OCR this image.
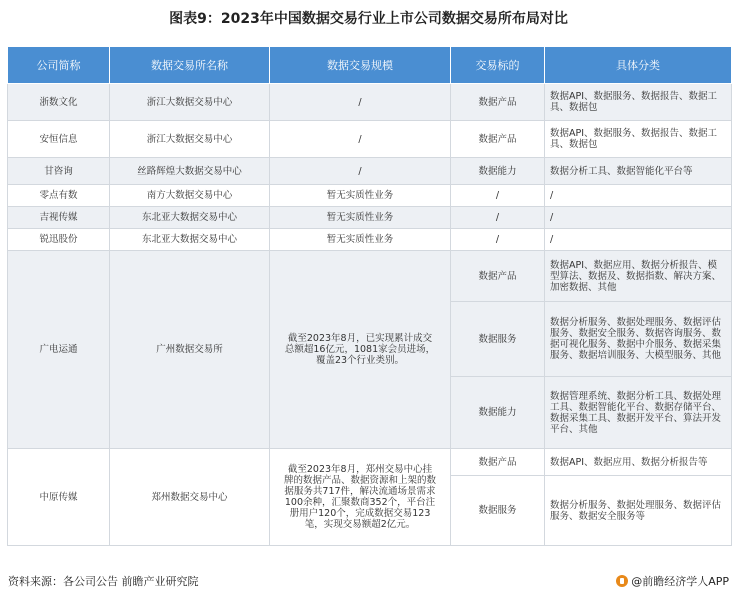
图表9：2023年中国数据交易行业上市公司数据交易所布局对比
公司简称	数据交易所名称	数据交易规模	交易标的	具体分类
浙数文化	浙江大数据交易中心	/	数据产品	数据API、数据服务、数据报告、数据工具、数据包
安恒信息	浙江大数据交易中心	/	数据产品	数据API、数据服务、数据报告、数据工具、数据包
甘咨询	丝路辉煌大数据交易中心	/	数据能力	数据分析工具、数据智能化平台等
零点有数	南方大数据交易中心	暂无实质性业务	/	/
吉视传媒	东北亚大数据交易中心	暂无实质性业务	/	/
锐迅股份	东北亚大数据交易中心	暂无实质性业务	/	/
广电运通	广州数据交易所	截至2023年8月，已实现累计成交总额超16亿元，1081家会员进场，覆盖23个行业类别。	数据产品	数据API、数据应用、数据分析报告、模型算法、数据及、数据指数、解决方案、加密数据、其他
			数据服务	数据分析服务、数据处理服务、数据评估服务、数据安全服务、数据咨询服务、数据可视化服务、数据中介服务、数据采集服务、数据培训服务、大模型服务、其他
			数据能力	数据管理系统、数据分析工具、数据处理工具、数据智能化平台、数据存储平台、数据采集工具、数据开发平台、算法开发平台、其他
中原传媒	郑州数据交易中心	截至2023年8月，郑州交易中心挂牌的数据产品、数据资源和上架的数据服务共717件，解决流通场景需求100余种，汇聚数商352个，平台注册用户120个，完成数据交易123笔，实现交易额超2亿元。	数据产品	数据API、数据应用、数据分析报告等
			数据服务	数据分析服务、数据处理服务、数据评估服务、数据安全服务等
资料来源：各公司公告 前瞻产业研究院	@前瞻经济学人APP
